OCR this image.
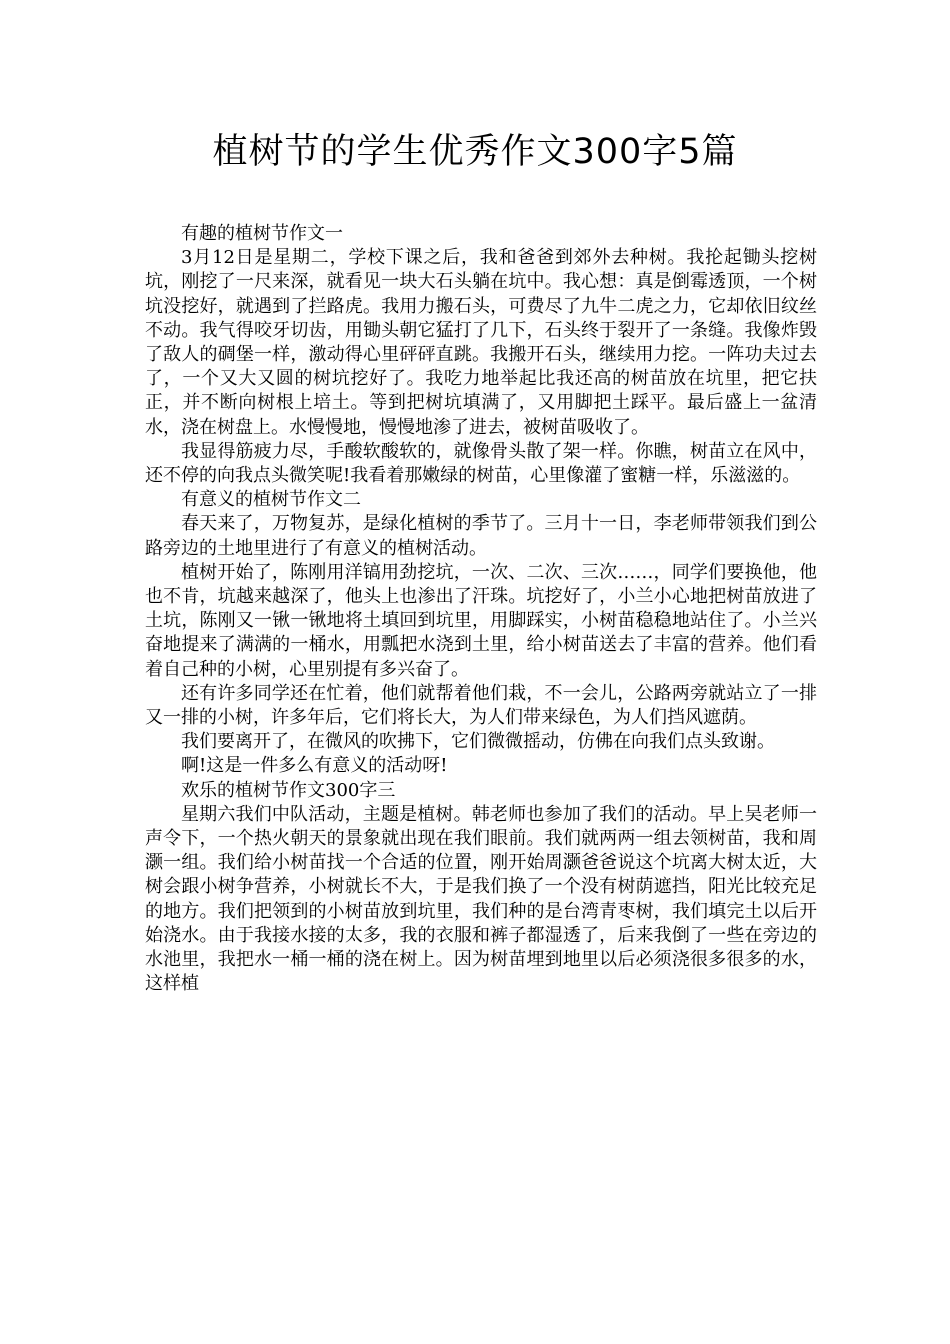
植树节的学生优秀作文300字5篇

有趣的植树节作文一

3月12日是星期二，学校下课之后，我和爸爸到郊外去种树。我抡起锄头挖树坑，刚挖了一尺来深，就看见一块大石头躺在坑中。我心想：真是倒霉透顶，一个树坑没挖好，就遇到了拦路虎。我用力搬石头，可费尽了九牛二虎之力，它却依旧纹丝不动。我气得咬牙切齿，用锄头朝它猛打了几下，石头终于裂开了一条缝。我像炸毁了敌人的碉堡一样，激动得心里砰砰直跳。我搬开石头，继续用力挖。一阵功夫过去了，一个又大又圆的树坑挖好了。我吃力地举起比我还高的树苗放在坑里，把它扶正，并不断向树根上培土。等到把树坑填满了，又用脚把土踩平。最后盛上一盆清水，浇在树盘上。水慢慢地，慢慢地渗了进去，被树苗吸收了。

我显得筋疲力尽，手酸软酸软的，就像骨头散了架一样。你瞧，树苗立在风中，还不停的向我点头微笑呢!我看着那嫩绿的树苗，心里像灌了蜜糖一样，乐滋滋的。

有意义的植树节作文二

春天来了，万物复苏，是绿化植树的季节了。三月十一日，李老师带领我们到公路旁边的土地里进行了有意义的植树活动。

植树开始了，陈刚用洋镐用劲挖坑，一次、二次、三次……，同学们要换他，他也不肯，坑越来越深了，他头上也渗出了汗珠。坑挖好了，小兰小心地把树苗放进了土坑，陈刚又一锹一锹地将土填回到坑里，用脚踩实，小树苗稳稳地站住了。小兰兴奋地提来了满满的一桶水，用瓢把水浇到土里，给小树苗送去了丰富的营养。他们看着自己种的小树，心里别提有多兴奋了。

还有许多同学还在忙着，他们就帮着他们栽，不一会儿，公路两旁就站立了一排又一排的小树，许多年后，它们将长大，为人们带来绿色，为人们挡风遮荫。

我们要离开了，在微风的吹拂下，它们微微摇动，仿佛在向我们点头致谢。

啊!这是一件多么有意义的活动呀!

欢乐的植树节作文300字三

星期六我们中队活动，主题是植树。韩老师也参加了我们的活动。早上吴老师一声令下，一个热火朝天的景象就出现在我们眼前。我们就两两一组去领树苗，我和周灏一组。我们给小树苗找一个合适的位置，刚开始周灏爸爸说这个坑离大树太近，大树会跟小树争营养，小树就长不大，于是我们换了一个没有树荫遮挡，阳光比较充足的地方。我们把领到的小树苗放到坑里，我们种的是台湾青枣树，我们填完土以后开始浇水。由于我接水接的太多，我的衣服和裤子都湿透了，后来我倒了一些在旁边的水池里，我把水一桶一桶的浇在树上。因为树苗埋到地里以后必须浇很多很多的水，这样植
